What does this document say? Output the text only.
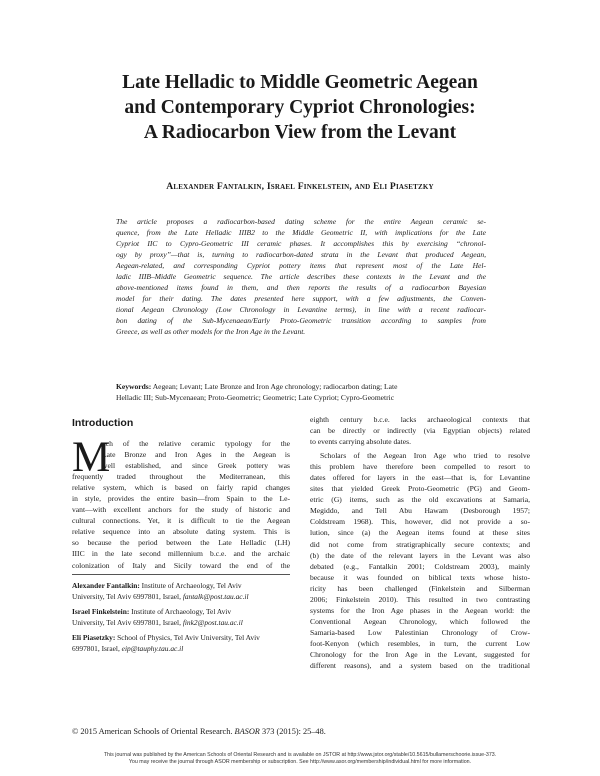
Late Helladic to Middle Geometric Aegean
and Contemporary Cypriot Chronologies:
A Radiocarbon View from the Levant
Alexander Fantalkin, Israel Finkelstein, and Eli Piasetzky
The article proposes a radiocarbon-based dating scheme for the entire Aegean ceramic se-
quence, from the Late Helladic IIIB2 to the Middle Geometric II, with implications for the Late
Cypriot IIC to Cypro-Geometric III ceramic phases. It accomplishes this by exercising “chronol-
ogy by proxy”—that is, turning to radiocarbon-dated strata in the Levant that produced Aegean,
Aegean-related, and corresponding Cypriot pottery items that represent most of the Late Hel-
ladic IIIB–Middle Geometric sequence. The article describes these contexts in the Levant and the
above-mentioned items found in them, and then reports the results of a radiocarbon Bayesian
model for their dating. The dates presented here support, with a few adjustments, the Conven-
tional Aegean Chronology (Low Chronology in Levantine terms), in line with a recent radiocar-
bon dating of the Sub-Mycenaean/Early Proto-Geometric transition according to samples from
Greece, as well as other models for the Iron Age in the Levant.
Keywords: Aegean; Levant; Late Bronze and Iron Age chronology; radiocarbon dating; Late
Helladic III; Sub-Mycenaean; Proto-Geometric; Geometric; Late Cypriot; Cypro-Geometric
Introduction
M
uch of the relative ceramic typology for the
Late Bronze and Iron Ages in the Aegean is
well established, and since Greek pottery was
frequently traded throughout the Mediterranean, this
relative system, which is based on fairly rapid changes
in style, provides the entire basin—from Spain to the Le-
vant—with excellent anchors for the study of historic and
cultural connections. Yet, it is difficult to tie the Aegean
relative sequence into an absolute dating system. This is
so because the period between the Late Helladic (LH)
IIIC in the late second millennium b.c.e. and the archaic
colonization of Italy and Sicily toward the end of the
eighth century b.c.e. lacks archaeological contexts that
can be directly or indirectly (via Egyptian objects) related
to events carrying absolute dates.
Scholars of the Aegean Iron Age who tried to resolve
this problem have therefore been compelled to resort to
dates offered for layers in the east—that is, for Levantine
sites that yielded Greek Proto-Geometric (PG) and Geom-
etric (G) items, such as the old excavations at Samaria,
Megiddo, and Tell Abu Hawam (Desborough 1957;
Coldstream 1968). This, however, did not provide a so-
lution, since (a) the Aegean items found at these sites
did not come from stratigraphically secure contexts; and
(b) the date of the relevant layers in the Levant was also
debated (e.g., Fantalkin 2001; Coldstream 2003), mainly
because it was founded on biblical texts whose histo-
ricity has been challenged (Finkelstein and Silberman
2006; Finkelstein 2010). This resulted in two contrasting
systems for the Iron Age phases in the Aegean world: the
Conventional Aegean Chronology, which followed the
Samaria-based Low Palestinian Chronology of Crow-
foot-Kenyon (which resembles, in turn, the current Low
Chronology for the Iron Age in the Levant, suggested for
different reasons), and a system based on the traditional
Alexander Fantalkin: Institute of Archaeology, Tel Aviv
University, Tel Aviv 6997801, Israel, fantalk@post.tau.ac.il
Israel Finkelstein: Institute of Archaeology, Tel Aviv
University, Tel Aviv 6997801, Israel, fink2@post.tau.ac.il
Eli Piasetzky: School of Physics, Tel Aviv University, Tel Aviv
6997801, Israel, eip@tauphy.tau.ac.il
© 2015 American Schools of Oriental Research. BASOR 373 (2015): 25–48.
This journal was published by the American Schools of Oriental Research and is available on JSTOR at http://www.jstor.org/stable/10.5615/bullamerschoorie.issue-373.
You may receive the journal through ASOR membership or subscription. See http://www.asor.org/membership/individual.html for more information.
